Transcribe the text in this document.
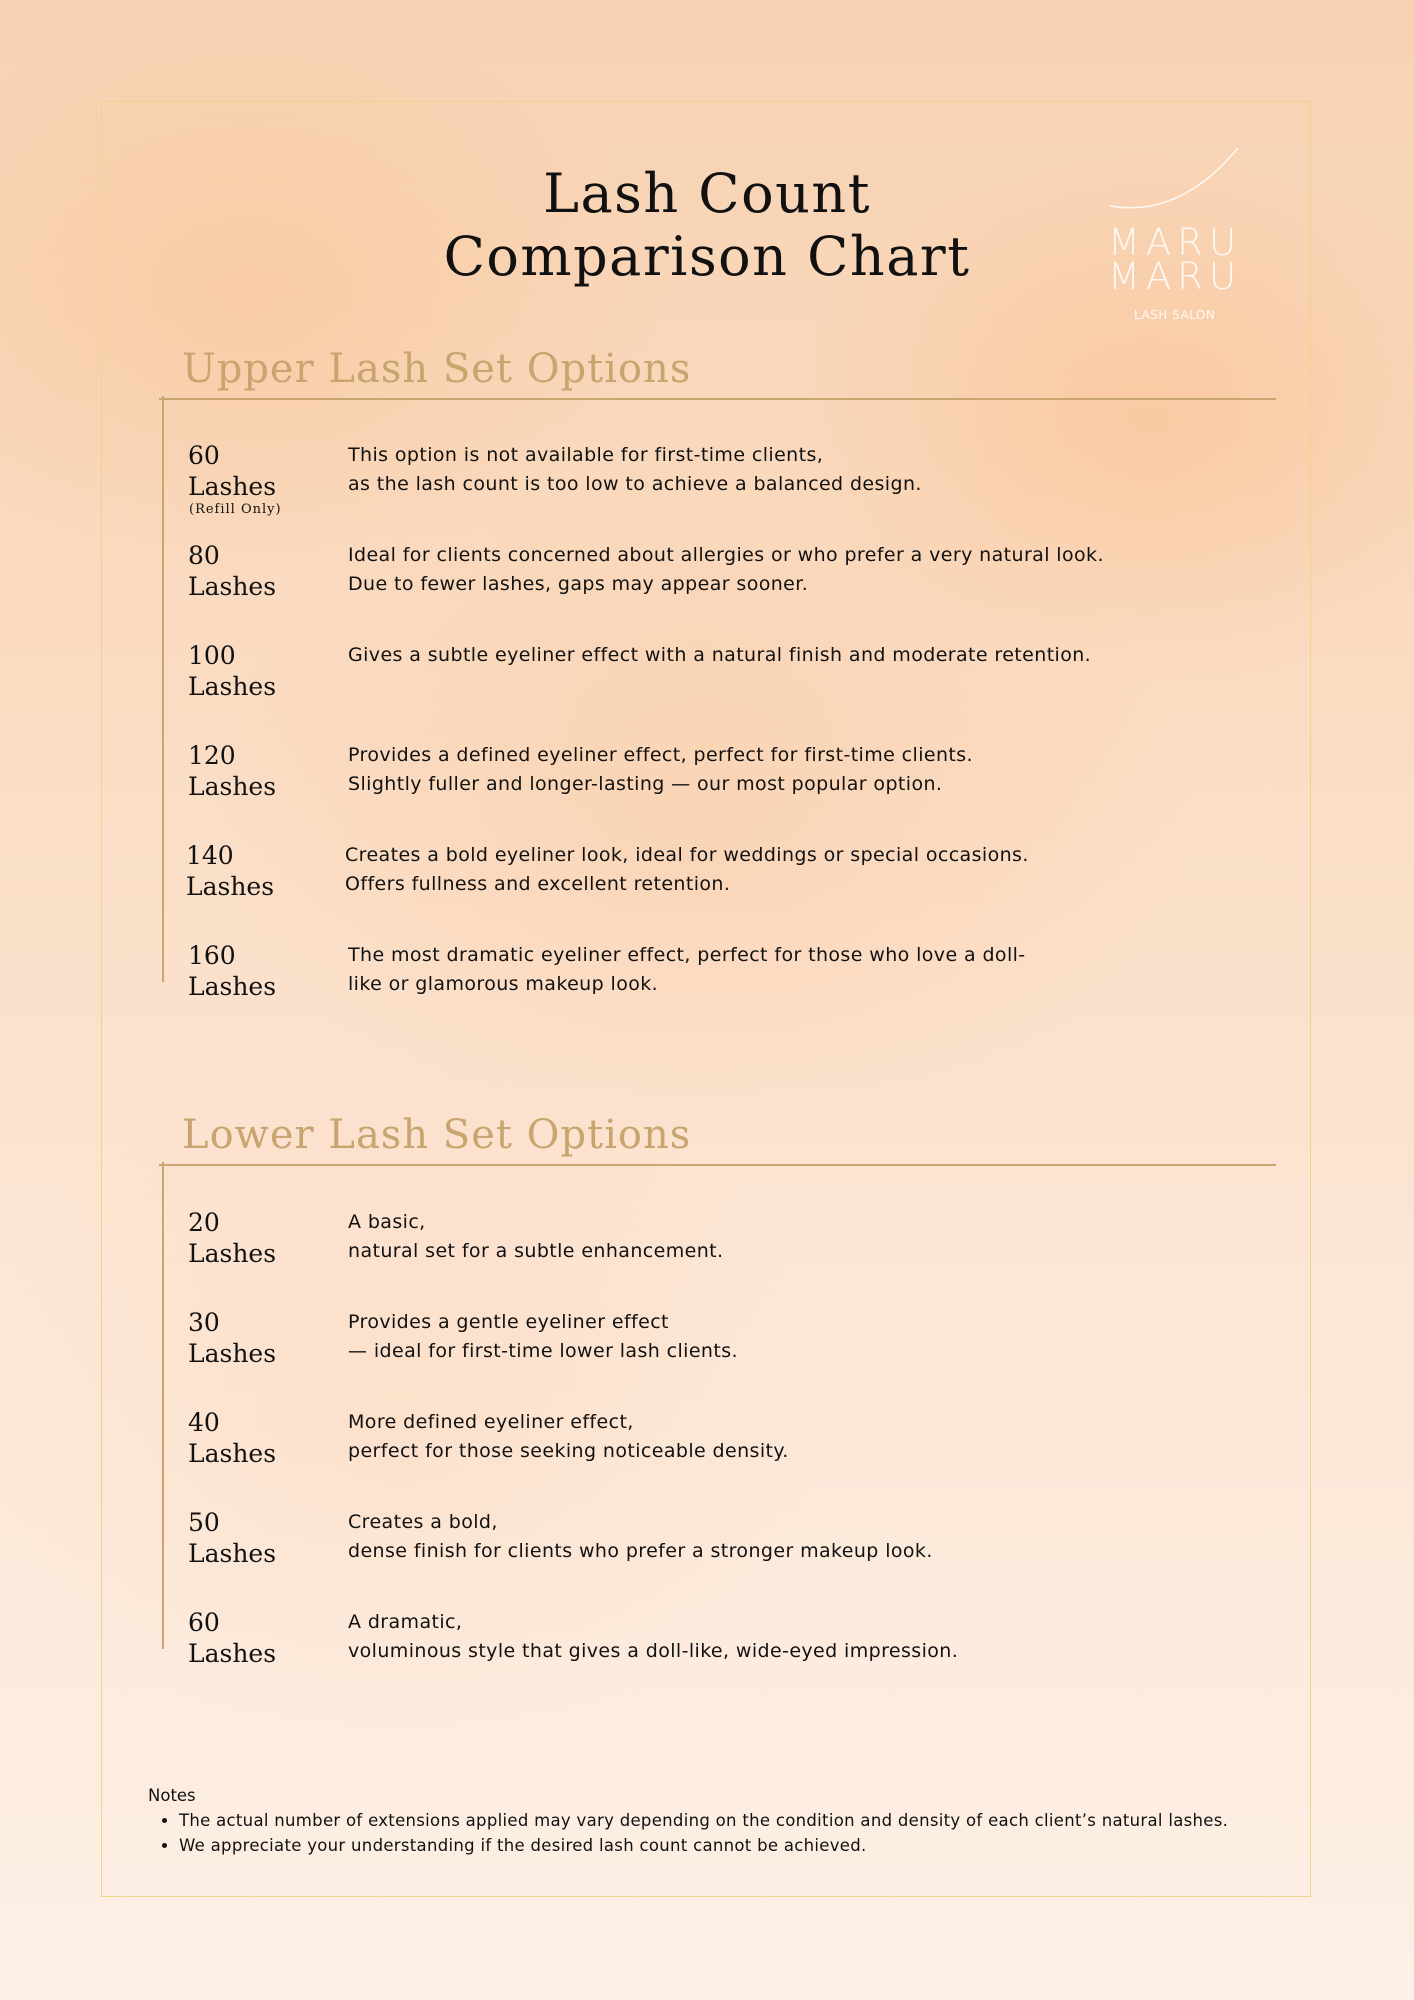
Lash Count
Comparison Chart	MARU
MARU
LASH SALON
Upper Lash Set Options
60
Lashes
(Refill Only)
This option is not available for first-time clients,
as the lash count is too low to achieve a balanced design.
80
Lashes
Ideal for clients concerned about allergies or who prefer a very natural look.
Due to fewer lashes, gaps may appear sooner.
100
Lashes
Gives a subtle eyeliner effect with a natural finish and moderate retention.
120
Lashes
Provides a defined eyeliner effect, perfect for first-time clients.
Slightly fuller and longer-lasting — our most popular option.
140
Lashes
Creates a bold eyeliner look, ideal for weddings or special occasions.
Offers fullness and excellent retention.
160
Lashes
The most dramatic eyeliner effect, perfect for those who love a doll-
like or glamorous makeup look.
Lower Lash Set Options
20
Lashes
A basic,
natural set for a subtle enhancement.
30
Lashes
Provides a gentle eyeliner effect
— ideal for first-time lower lash clients.
40
Lashes
More defined eyeliner effect,
perfect for those seeking noticeable density.
50
Lashes
Creates a bold,
dense finish for clients who prefer a stronger makeup look.
60
Lashes
A dramatic,
voluminous style that gives a doll-like, wide-eyed impression.
Notes
• The actual number of extensions applied may vary depending on the condition and density of each client’s natural lashes.
• We appreciate your understanding if the desired lash count cannot be achieved.
